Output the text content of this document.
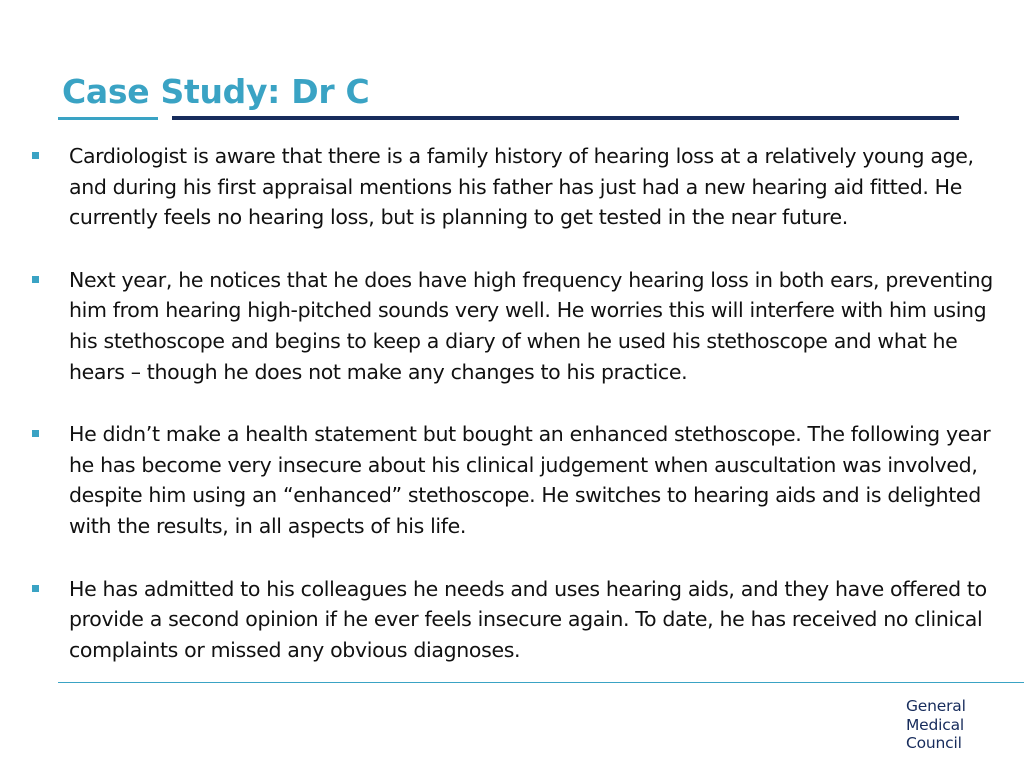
Case Study: Dr C
Cardiologist is aware that there is a family history of hearing loss at a relatively young age, and during his first appraisal mentions his father has just had a new hearing aid fitted. He currently feels no hearing loss, but is planning to get tested in the near future.
Next year, he notices that he does have high frequency hearing loss in both ears, preventing him from hearing high-pitched sounds very well. He worries this will interfere with him using his stethoscope and begins to keep a diary of when he used his stethoscope and what he hears – though he does not make any changes to his practice.
He didn’t make a health statement but bought an enhanced stethoscope. The following year he has become very insecure about his clinical judgement when auscultation was involved, despite him using an “enhanced” stethoscope. He switches to hearing aids and is delighted with the results, in all aspects of his life.
He has admitted to his colleagues he needs and uses hearing aids, and they have offered to provide a second opinion if he ever feels insecure again. To date, he has received no clinical complaints or missed any obvious diagnoses.
General
Medical
Council
